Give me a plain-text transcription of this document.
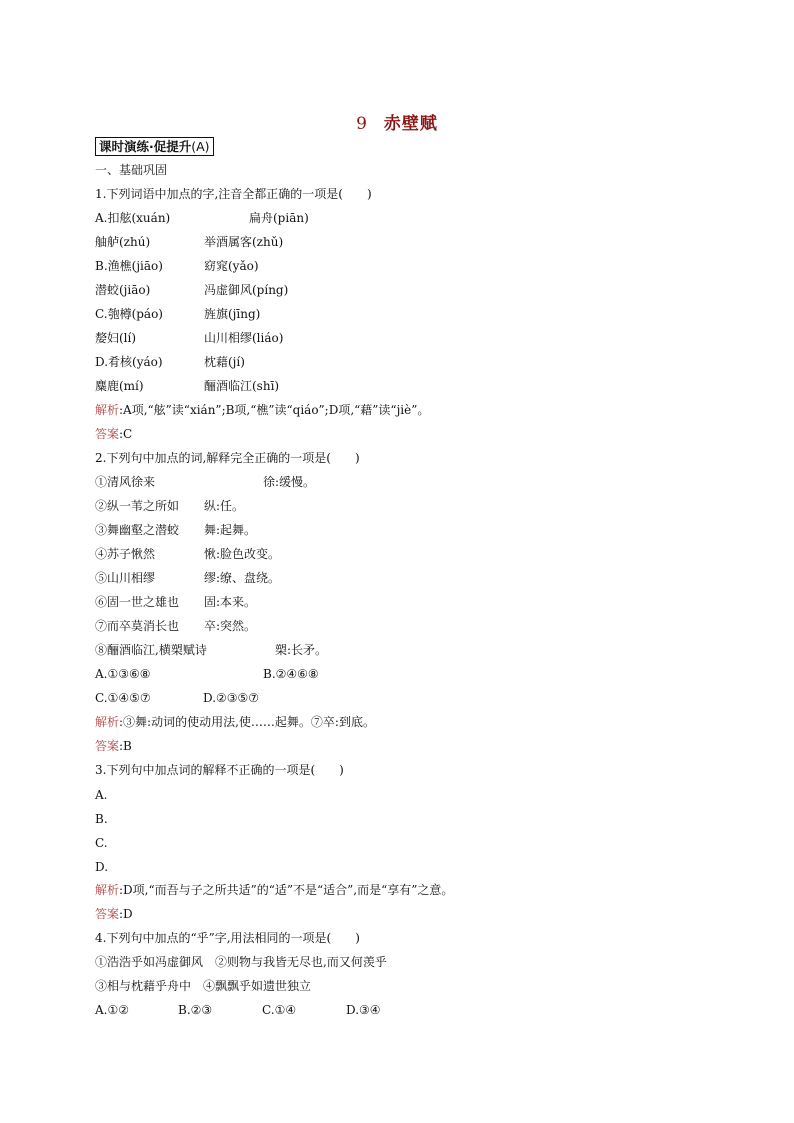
9 赤壁赋
课时演练·促提升(A)
一、基础巩固
1.下列词语中加点的字,注音全都正确的一项是(　　)
A.扣舷(xuán)	扁舟(piān)
舳舻(zhú)	举酒属客(zhǔ)
B.渔樵(jiāo)	窈窕(yǎo)
潜蛟(jiāo)	冯虚御风(píng)
C.匏樽(páo)	旌旗(jīng)
嫠妇(lí)	山川相缪(liáo)
D.肴核(yáo)	枕藉(jí)
麋鹿(mí)	酾酒临江(shī)
解析:A项,“舷”读“xián”;B项,“樵”读“qiáo”;D项,“藉”读“jiè”。
答案:C
2.下列句中加点的词,解释完全正确的一项是(　　)
①清风徐来	徐:缓慢。
②纵一苇之所如 纵:任。
③舞幽壑之潜蛟 舞:起舞。
④苏子愀然	愀:脸色改变。
⑤山川相缪	缪:缭、盘绕。
⑥固一世之雄也 固:本来。
⑦而卒莫消长也 卒:突然。
⑧酾酒临江,横槊赋诗	槊:长矛。
A.①③⑥⑧	B.②④⑥⑧
C.①④⑤⑦	D.②③⑤⑦
解析:③舞:动词的使动用法,使……起舞。⑦卒:到底。
答案:B
3.下列句中加点词的解释不正确的一项是(　　)
A.
B.
C.
D.
解析:D项,“而吾与子之所共适”的“适”不是“适合”,而是“享有”之意。
答案:D
4.下列句中加点的“乎”字,用法相同的一项是(　　)
①浩浩乎如冯虚御风　②则物与我皆无尽也,而又何羡乎
③相与枕藉乎舟中　④飘飘乎如遗世独立
A.①②	B.②③	C.①④	D.③④
